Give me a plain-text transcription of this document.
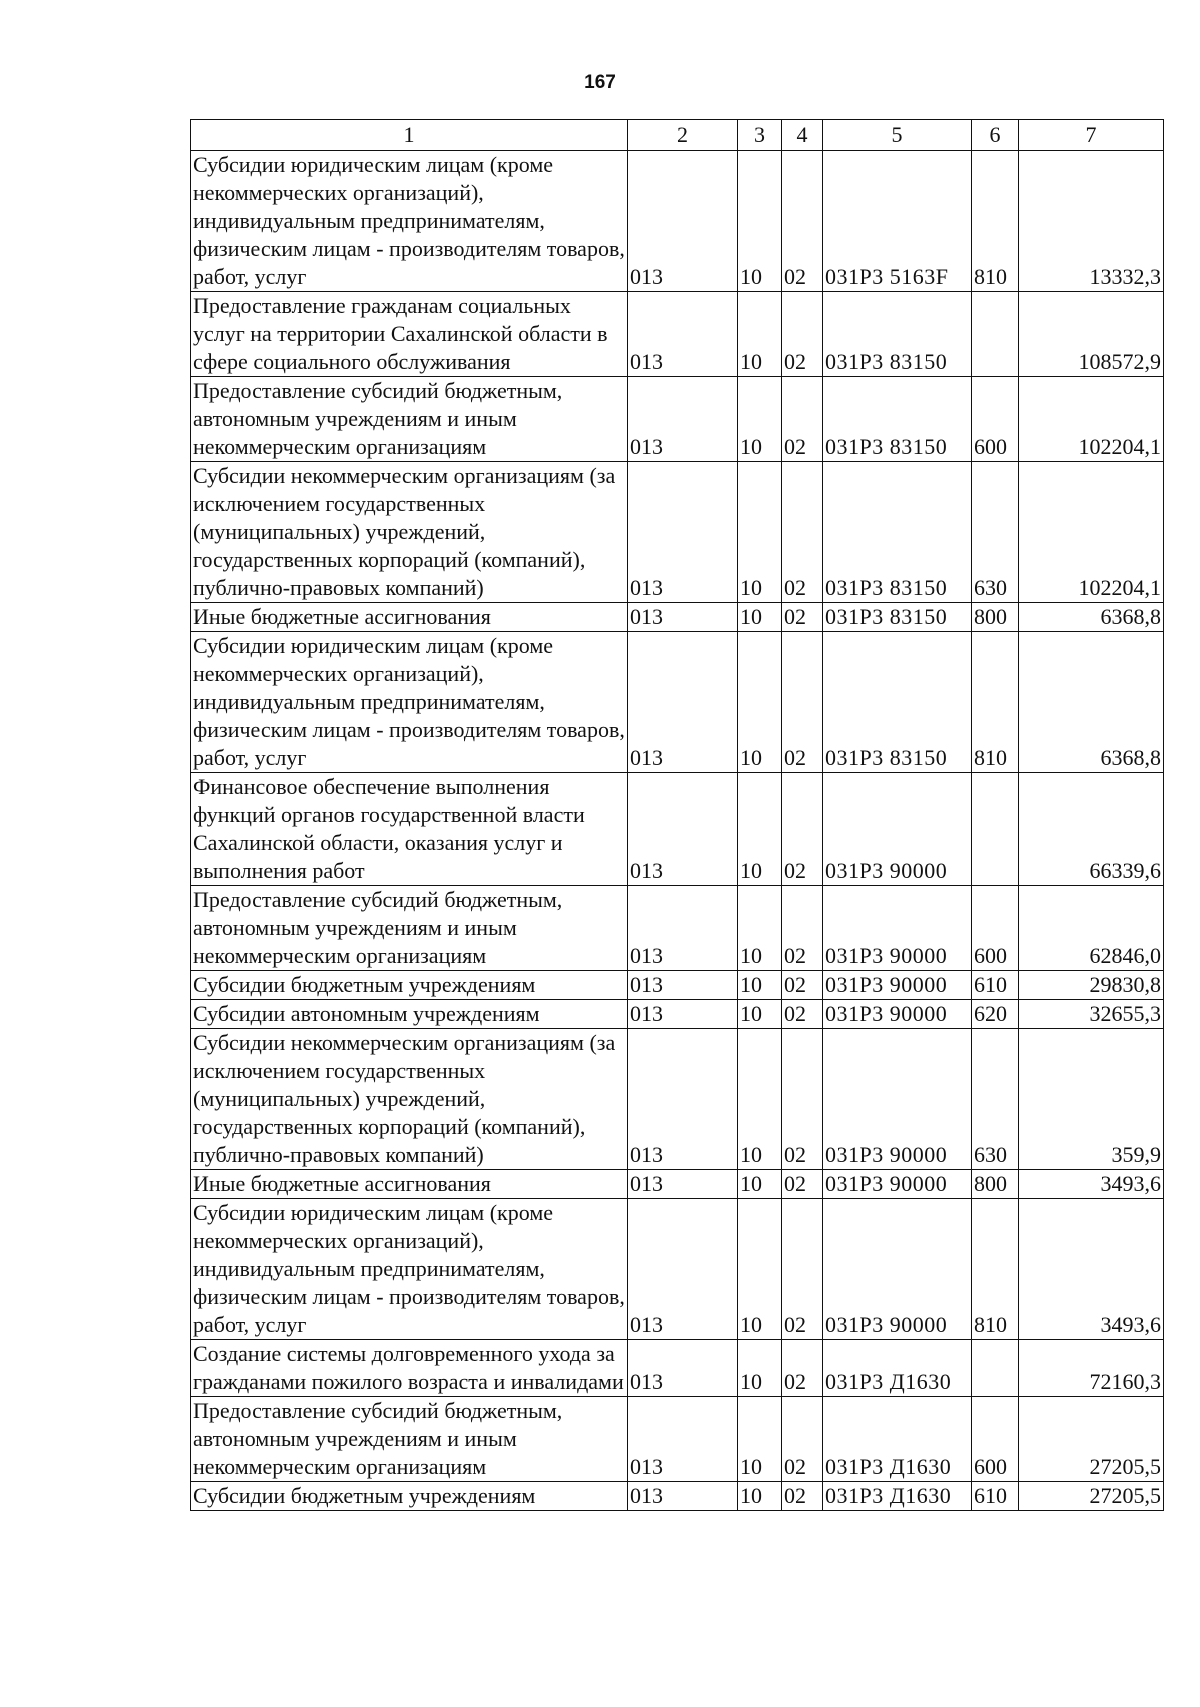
167
1	2	3	4	5	6	7
Субсидии юридическим лицам (кроме некоммерческих организаций), индивидуальным предпринимателям, физическим лицам - производителям товаров, работ, услуг	013	10	02	031Р3 5163F	810	13332,3
Предоставление гражданам социальных услуг на территории Сахалинской области в сфере социального обслуживания	013	10	02	031Р3 83150		108572,9
Предоставление субсидий бюджетным, автономным учреждениям и иным некоммерческим организациям	013	10	02	031Р3 83150	600	102204,1
Субсидии некоммерческим организациям (за исключением государственных (муниципальных) учреждений, государственных корпораций (компаний), публично-правовых компаний)	013	10	02	031Р3 83150	630	102204,1
Иные бюджетные ассигнования	013	10	02	031Р3 83150	800	6368,8
Субсидии юридическим лицам (кроме некоммерческих организаций), индивидуальным предпринимателям, физическим лицам - производителям товаров, работ, услуг	013	10	02	031Р3 83150	810	6368,8
Финансовое обеспечение выполнения функций органов государственной власти Сахалинской области, оказания услуг и выполнения работ	013	10	02	031Р3 90000		66339,6
Предоставление субсидий бюджетным, автономным учреждениям и иным некоммерческим организациям	013	10	02	031Р3 90000	600	62846,0
Субсидии бюджетным учреждениям	013	10	02	031Р3 90000	610	29830,8
Субсидии автономным учреждениям	013	10	02	031Р3 90000	620	32655,3
Субсидии некоммерческим организациям (за исключением государственных (муниципальных) учреждений, государственных корпораций (компаний), публично-правовых компаний)	013	10	02	031Р3 90000	630	359,9
Иные бюджетные ассигнования	013	10	02	031Р3 90000	800	3493,6
Субсидии юридическим лицам (кроме некоммерческих организаций), индивидуальным предпринимателям, физическим лицам - производителям товаров, работ, услуг	013	10	02	031Р3 90000	810	3493,6
Создание системы долговременного ухода за гражданами пожилого возраста и инвалидами	013	10	02	031Р3 Д1630		72160,3
Предоставление субсидий бюджетным, автономным учреждениям и иным некоммерческим организациям	013	10	02	031Р3 Д1630	600	27205,5
Субсидии бюджетным учреждениям	013	10	02	031Р3 Д1630	610	27205,5
